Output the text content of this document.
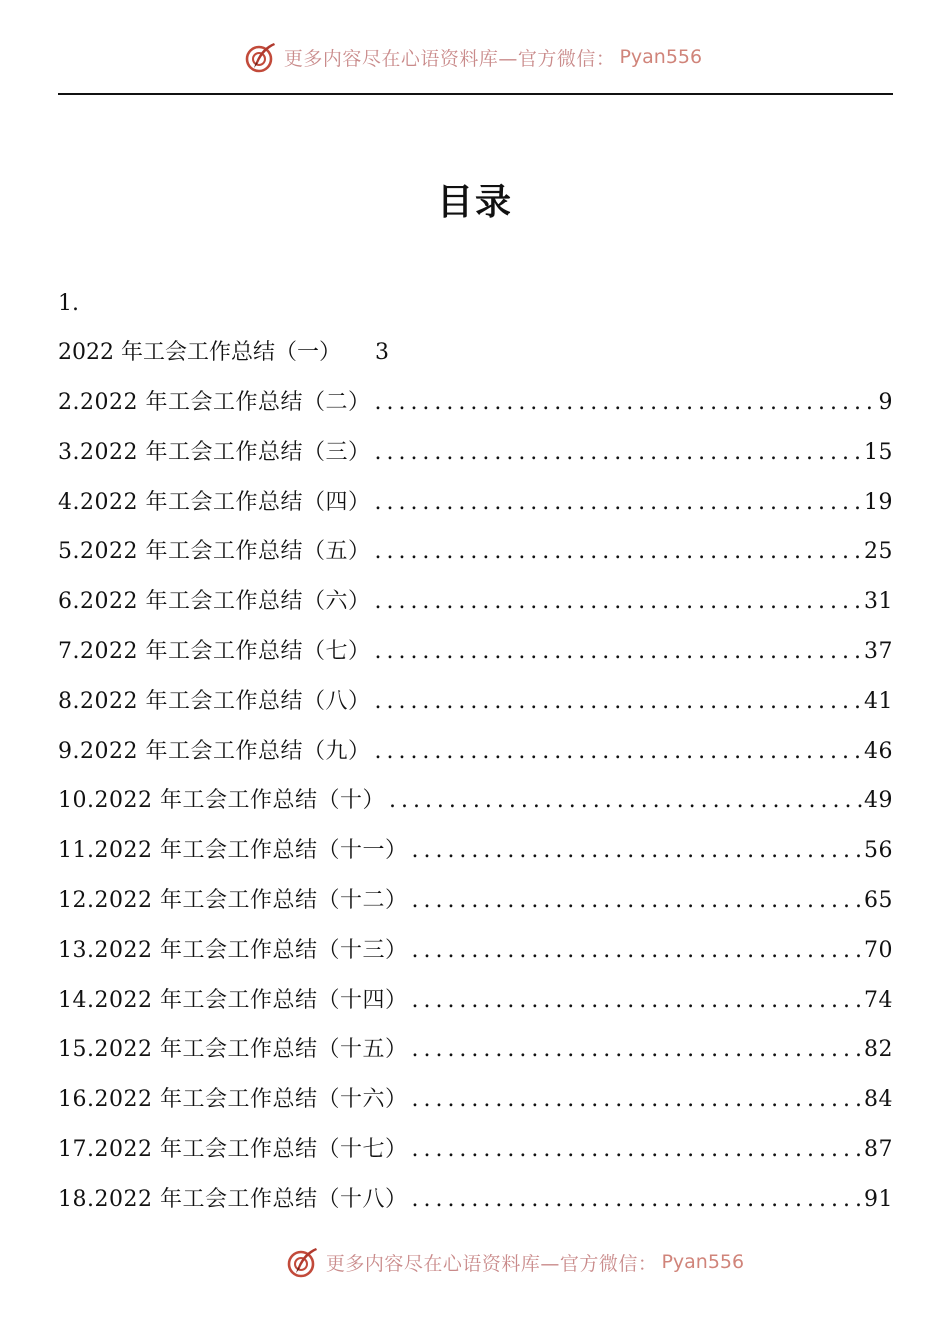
更多内容尽在心语资料库— 官方微信： Pyan556
目录
1.
2022 年工会工作总结（一） 3
2.2022 年工会工作总结（二） . . .	9
3.2022 年工会工作总结（三） . . .	15
4.2022 年工会工作总结（四） . . .	19
5.2022 年工会工作总结（五） . . .	25
6.2022 年工会工作总结（六） . . .	31
7.2022 年工会工作总结（七） . . .	37
8.2022 年工会工作总结（八） . . .	41
9.2022 年工会工作总结（九） . . .	46
10.2022 年工会工作总结（十） . . .	49
11.2022 年工会工作总结（十一） . . .	56
12.2022 年工会工作总结（十二） . . .	65
13.2022 年工会工作总结（十三） . . .	70
14.2022 年工会工作总结（十四） . . .	74
15.2022 年工会工作总结（十五） . . .	82
16.2022 年工会工作总结（十六） . . .	84
17.2022 年工会工作总结（十七） . . .	87
18.2022 年工会工作总结（十八） . . .	91
更多内容尽在心语资料库— 官方微信： Pyan556
